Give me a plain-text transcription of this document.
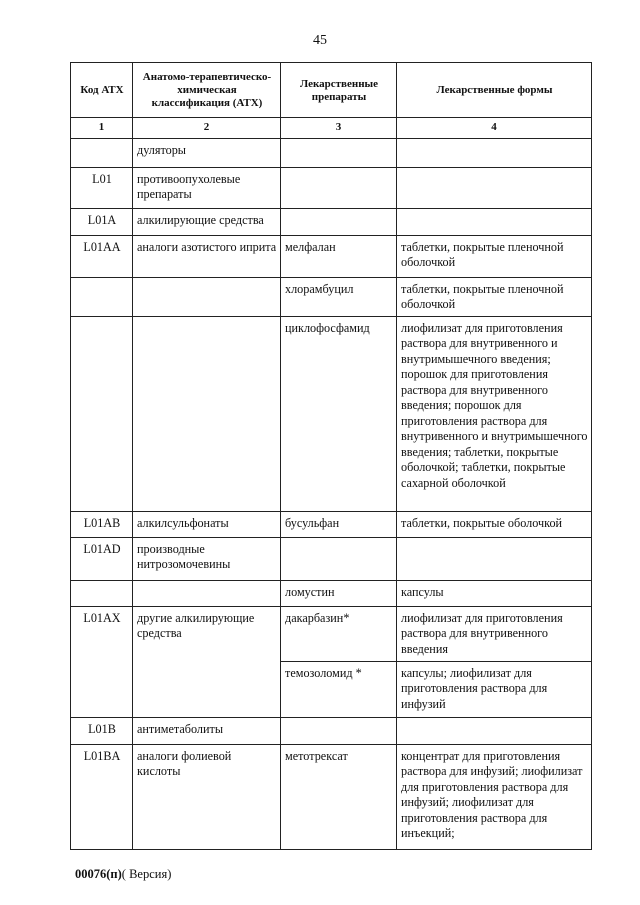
45
Код АТХ	Анатомо-терапевтическо-химическая классификация (АТХ)	Лекарственные препараты	Лекарственные формы
1	2	3	4
	дуляторы		
L01	противоопухолевые препараты		
L01A	алкилирующие средства		
L01AA	аналоги азотистого иприта	мелфалан	таблетки, покрытые пленочной оболочкой
		хлорамбуцил	таблетки, покрытые пленочной оболочкой
		циклофосфамид	лиофилизат для приготовления раствора для внутривенного и внутримышечного введения; порошок для приготовления раствора для внутривенного введения; порошок для приготовления раствора для внутривенного и внутримышечного введения; таблетки, покрытые оболочкой; таблетки, покрытые сахарной оболочкой
L01AB	алкилсульфонаты	бусульфан	таблетки, покрытые оболочкой
L01AD	производные нитрозомочевины		
		ломустин	капсулы
L01AX	другие алкилирующие средства	дакарбазин*	лиофилизат для приготовления раствора для внутривенного введения
		темозоломид *	капсулы; лиофилизат для приготовления раствора для инфузий
L01B	антиметаболиты		
L01BA	аналоги фолиевой кислоты	метотрексат	концентрат для приготовления раствора для инфузий; лиофилизат для приготовления раствора для инфузий; лиофилизат для приготовления раствора для инъекций;
00076(п)( Версия)
